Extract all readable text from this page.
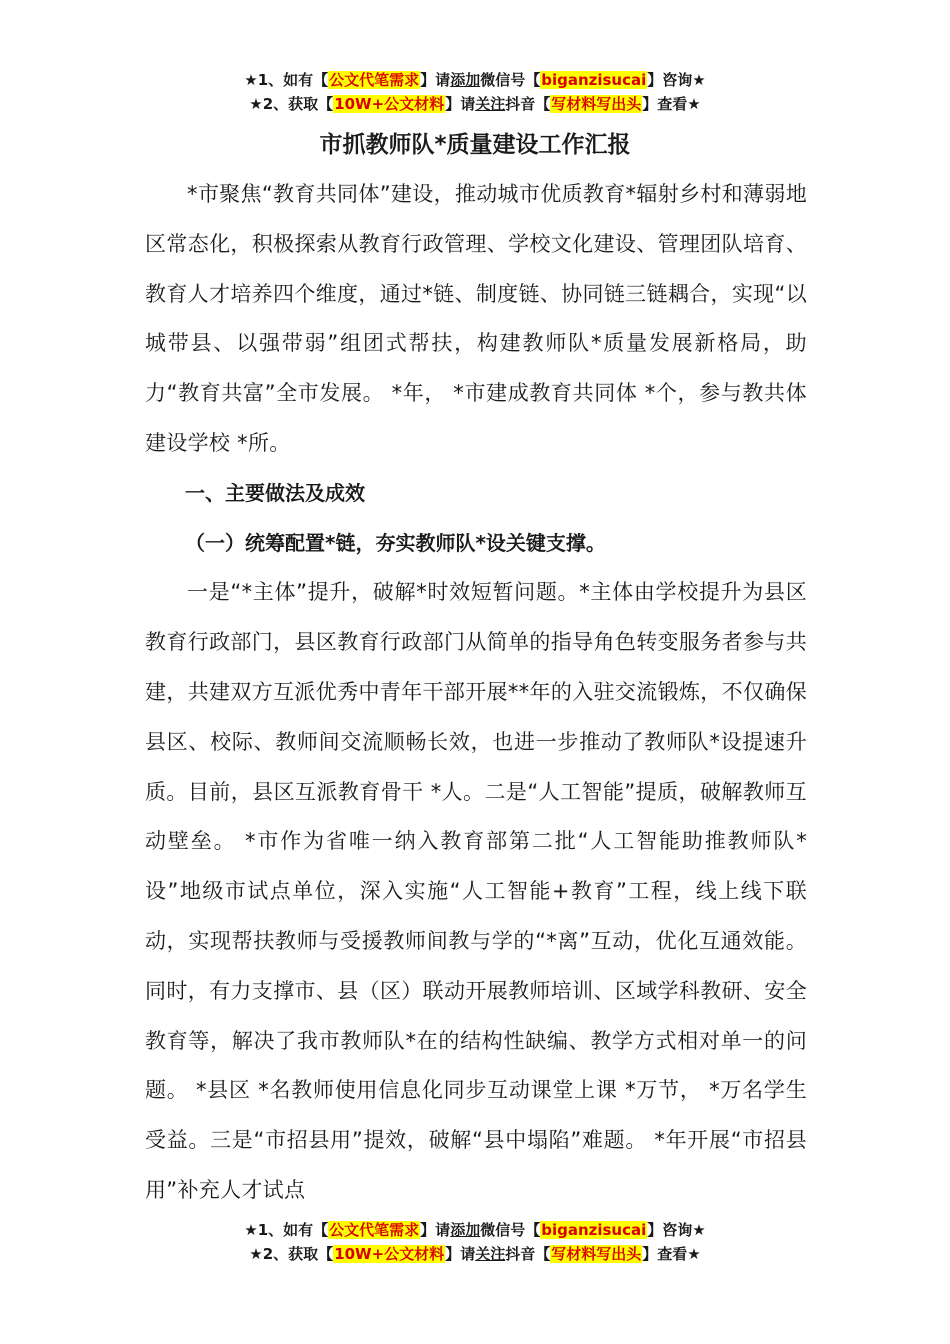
★1、如有【公文代笔需求】请添加微信号【biganzisucai】咨询★
★2、获取【10W+公文材料】请关注抖音【写材料写出头】查看★
市抓教师队*质量建设工作汇报

*市聚焦“教育共同体”建设，推动城市优质教育*辐射乡村和薄弱地区常态化，积极探索从教育行政管理、学校文化建设、管理团队培育、教育人才培养四个维度，通过*链、制度链、协同链三链耦合，实现“以城带县、以强带弱”组团式帮扶，构建教师队*质量发展新格局，助力“教育共富”全市发展。 *年， *市建成教育共同体 *个，参与教共体建设学校 *所。

一、主要做法及成效

（一）统筹配置*链，夯实教师队*设关键支撑。

一是“*主体”提升，破解*时效短暂问题。*主体由学校提升为县区教育行政部门，县区教育行政部门从简单的指导角色转变服务者参与共建，共建双方互派优秀中青年干部开展**年的入驻交流锻炼，不仅确保县区、校际、教师间交流顺畅长效，也进一步推动了教师队*设提速升质。目前，县区互派教育骨干 *人。二是“人工智能”提质，破解教师互动壁垒。 *市作为省唯一纳入教育部第二批“人工智能助推教师队*设”地级市试点单位，深入实施“人工智能+教育”工程，线上线下联动，实现帮扶教师与受援教师间教与学的“*离”互动，优化互通效能。同时，有力支撑市、县（区）联动开展教师培训、区域学科教研、安全教育等，解决了我市教师队*在的结构性缺编、教学方式相对单一的问题。 *县区 *名教师使用信息化同步互动课堂上课 *万节， *万名学生受益。三是“市招县用”提效，破解“县中塌陷”难题。 *年开展“市招县用”补充人才试点

★1、如有【公文代笔需求】请添加微信号【biganzisucai】咨询★
★2、获取【10W+公文材料】请关注抖音【写材料写出头】查看★
